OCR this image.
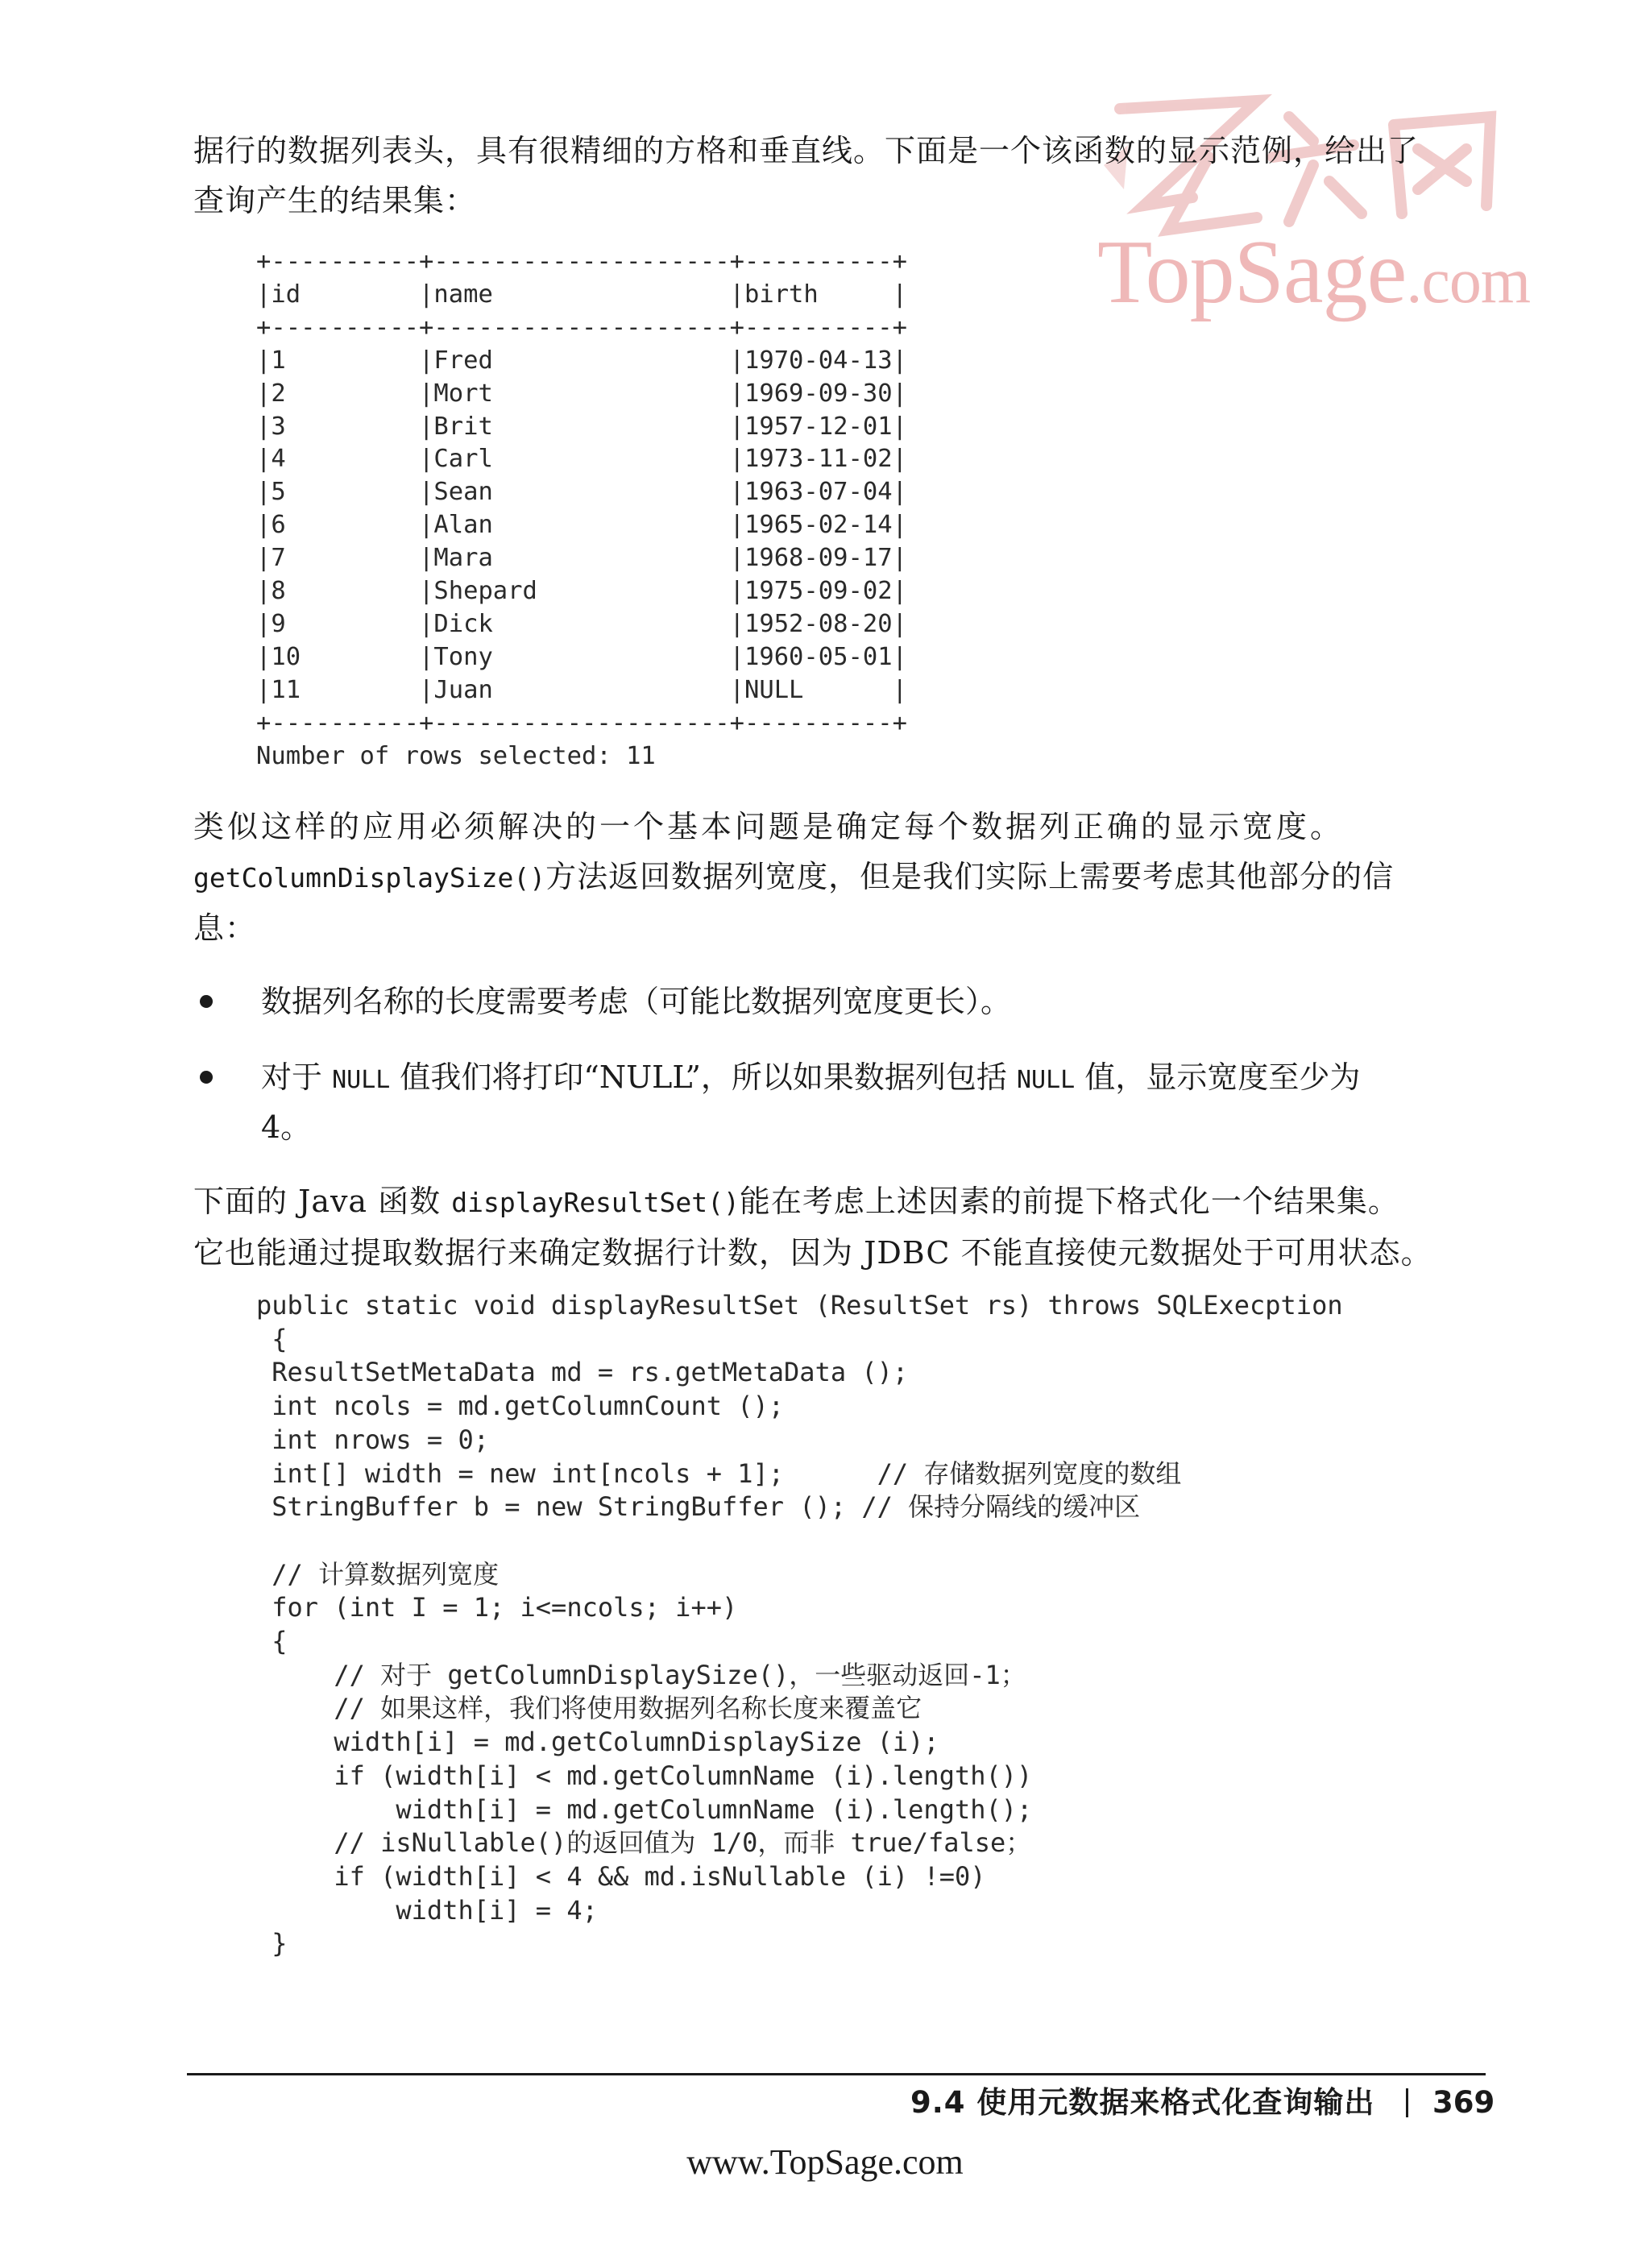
TopSage.com
据行的数据列表头，具有很精细的方格和垂直线。下面是一个该函数的显示范例，给出了
查询产生的结果集：
+----------+--------------------+----------+
|id        |name                |birth     |
+----------+--------------------+----------+
|1         |Fred                |1970-04-13|
|2         |Mort                |1969-09-30|
|3         |Brit                |1957-12-01|
|4         |Carl                |1973-11-02|
|5         |Sean                |1963-07-04|
|6         |Alan                |1965-02-14|
|7         |Mara                |1968-09-17|
|8         |Shepard             |1975-09-02|
|9         |Dick                |1952-08-20|
|10        |Tony                |1960-05-01|
|11        |Juan                |NULL      |
+----------+--------------------+----------+
Number of rows selected: 11
类似这样的应用必须解决的一个基本问题是确定每个数据列正确的显示宽度。
getColumnDisplaySize()方法返回数据列宽度，但是我们实际上需要考虑其他部分的信
息：
数据列名称的长度需要考虑（可能比数据列宽度更长）。
对于 NULL 值我们将打印“NULL”，所以如果数据列包括 NULL 值，显示宽度至少为
4。
下面的 Java 函数 displayResultSet()能在考虑上述因素的前提下格式化一个结果集。
它也能通过提取数据行来确定数据行计数，因为 JDBC 不能直接使元数据处于可用状态。
public static void displayResultSet (ResultSet rs) throws SQLExecption
{
ResultSetMetaData md = rs.getMetaData ();
int ncols = md.getColumnCount ();
int nrows = 0;
int[] width = new int[ncols + 1];      // 存储数据列宽度的数组
StringBuffer b = new StringBuffer (); // 保持分隔线的缓冲区

// 计算数据列宽度
for (int I = 1; i<=ncols; i++)
{
// 对于 getColumnDisplaySize()，一些驱动返回-1；
// 如果这样，我们将使用数据列名称长度来覆盖它
width[i] = md.getColumnDisplaySize (i);
if (width[i] < md.getColumnName (i).length())
width[i] = md.getColumnName (i).length();
// isNullable()的返回值为 1/0，而非 true/false；
if (width[i] < 4 && md.isNullable (i) !=0)
width[i] = 4;
}
9.4 使用元数据来格式化查询输出 369
www.TopSage.com
